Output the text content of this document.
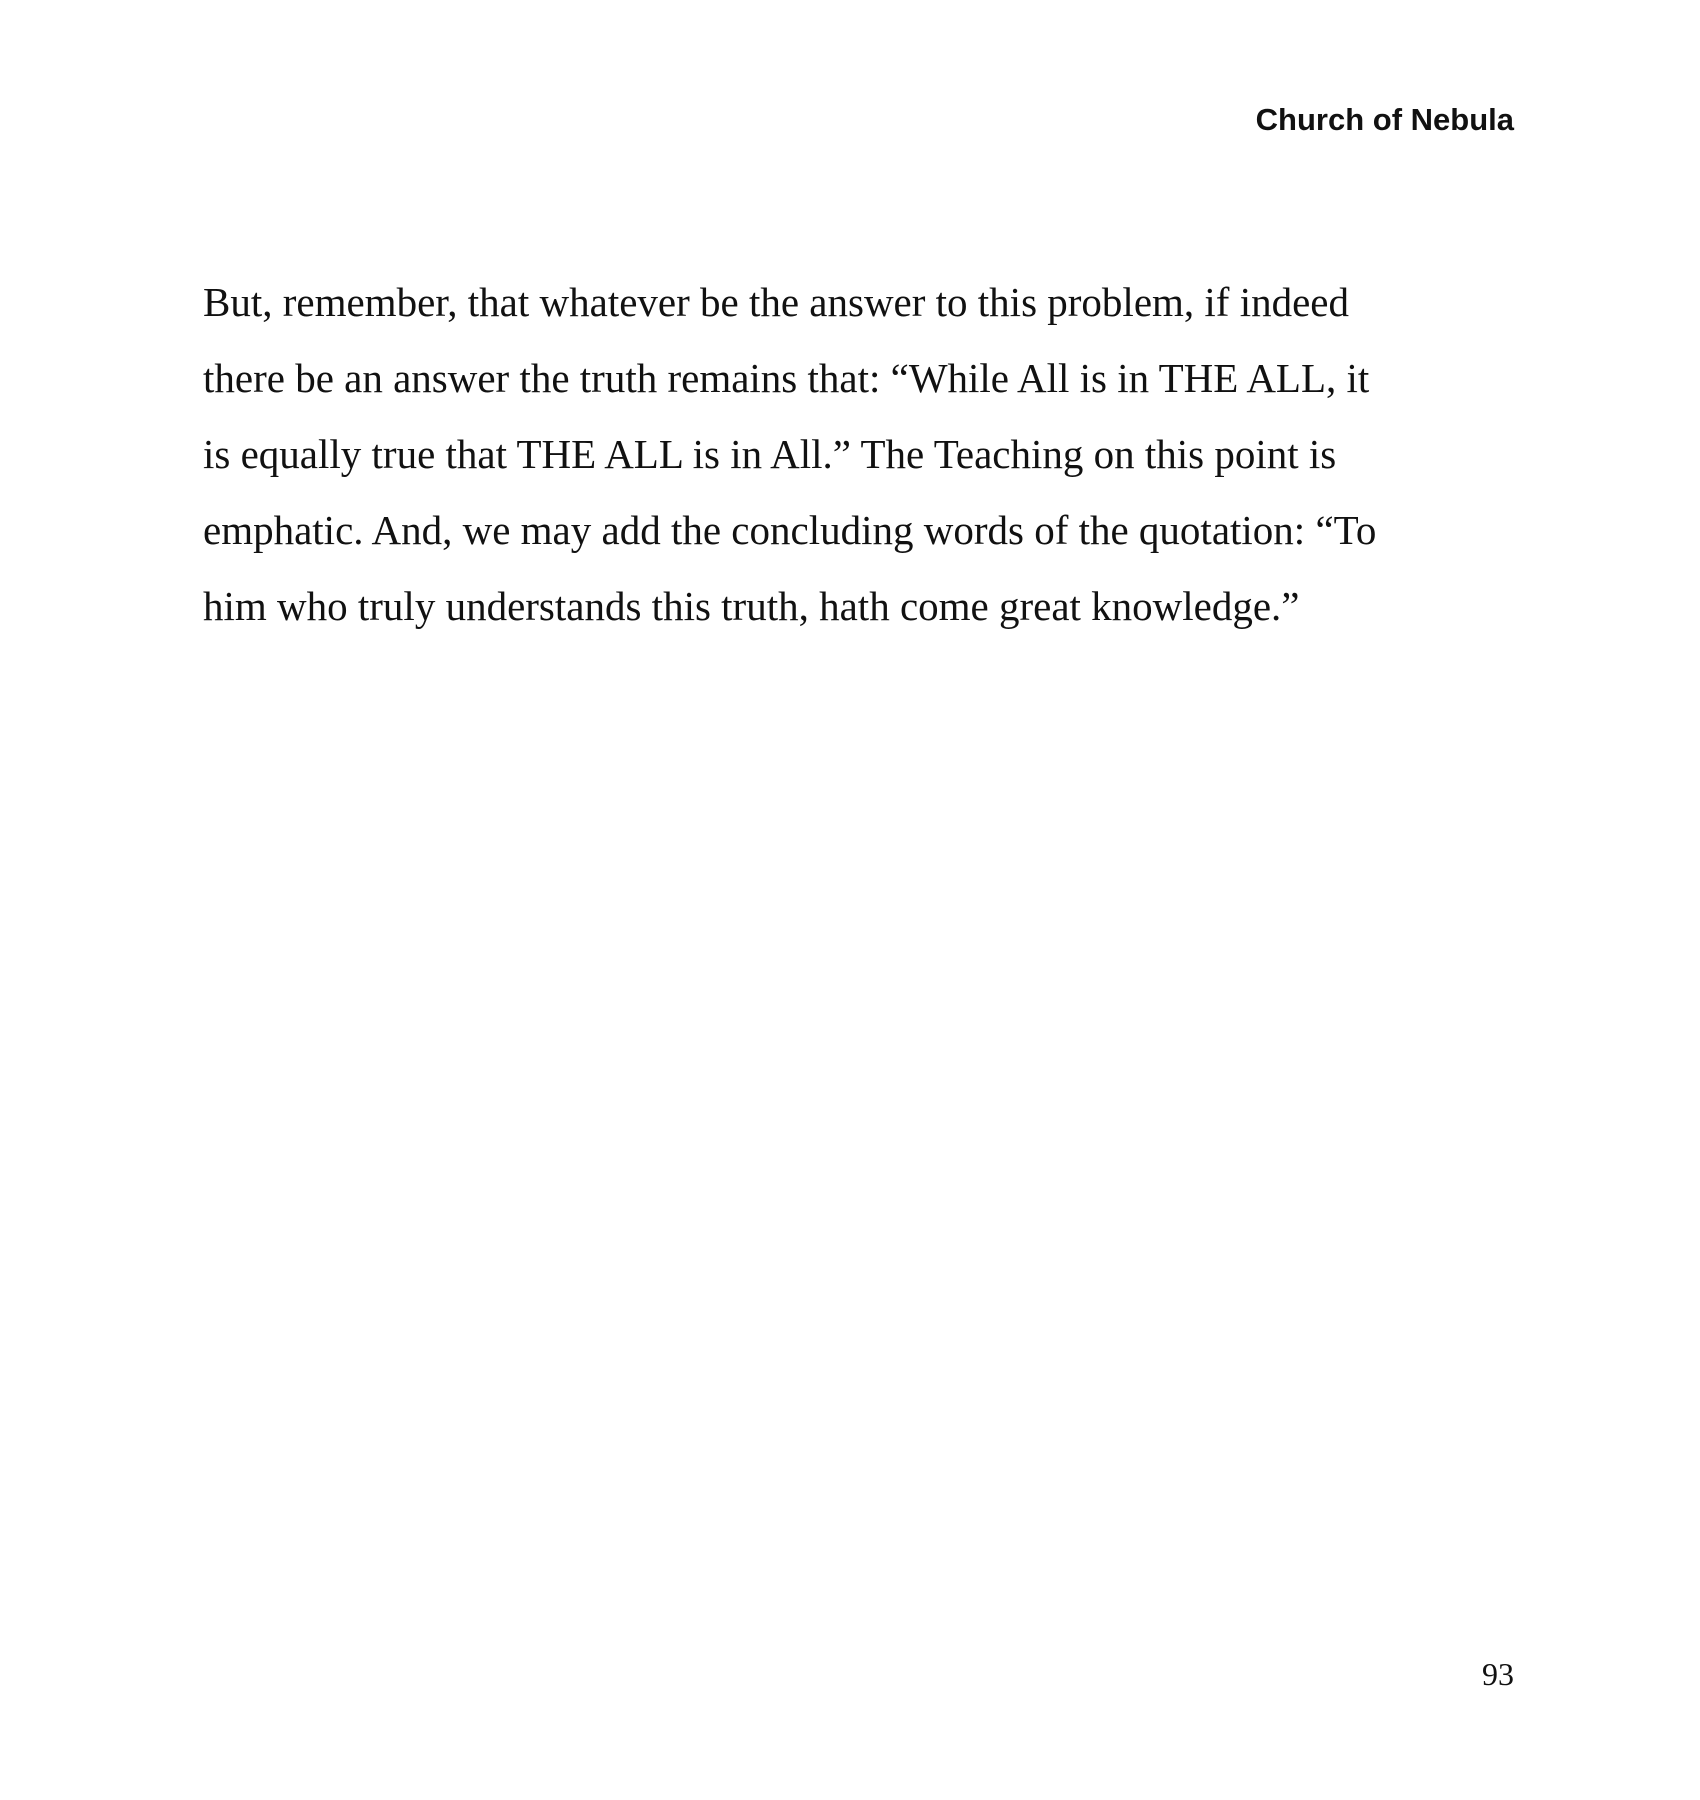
Church of Nebula
But, remember, that whatever be the answer to this problem, if indeed
there be an answer the truth remains that: “While All is in THE ALL, it
is equally true that THE ALL is in All.” The Teaching on this point is
emphatic. And, we may add the concluding words of the quotation: “To
him who truly understands this truth, hath come great knowledge.”
93
